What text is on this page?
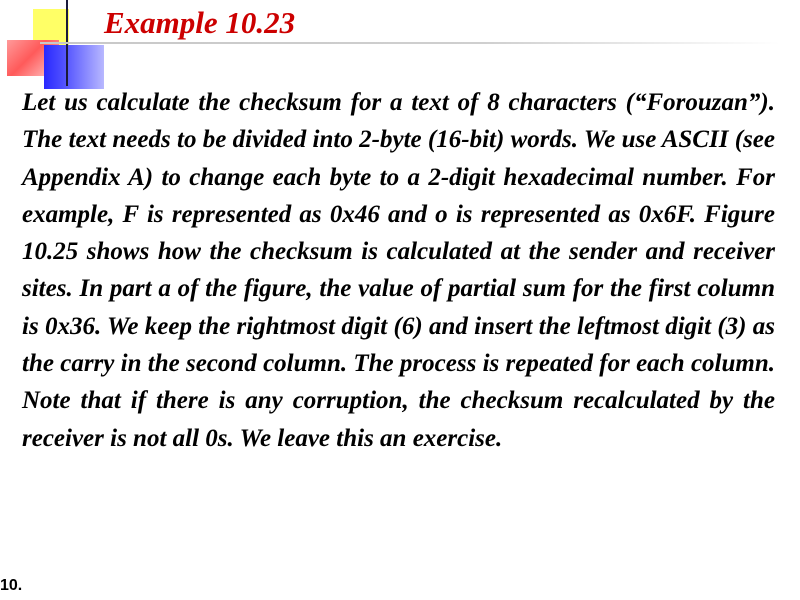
Example 10.23

Let us calculate the checksum for a text of 8 characters (“Forouzan”). The text needs to be divided into 2-byte (16-bit) words. We use ASCII (see Appendix A) to change each byte to a 2-digit hexadecimal number. For example, F is represented as 0x46 and o is represented as 0x6F. Figure 10.25 shows how the checksum is calculated at the sender and receiver sites. In part a of the figure, the value of partial sum for the first column is 0x36. We keep the rightmost digit (6) and insert the leftmost digit (3) as the carry in the second column. The process is repeated for each column. Note that if there is any corruption, the checksum recalculated by the receiver is not all 0s. We leave this an exercise.

10.
